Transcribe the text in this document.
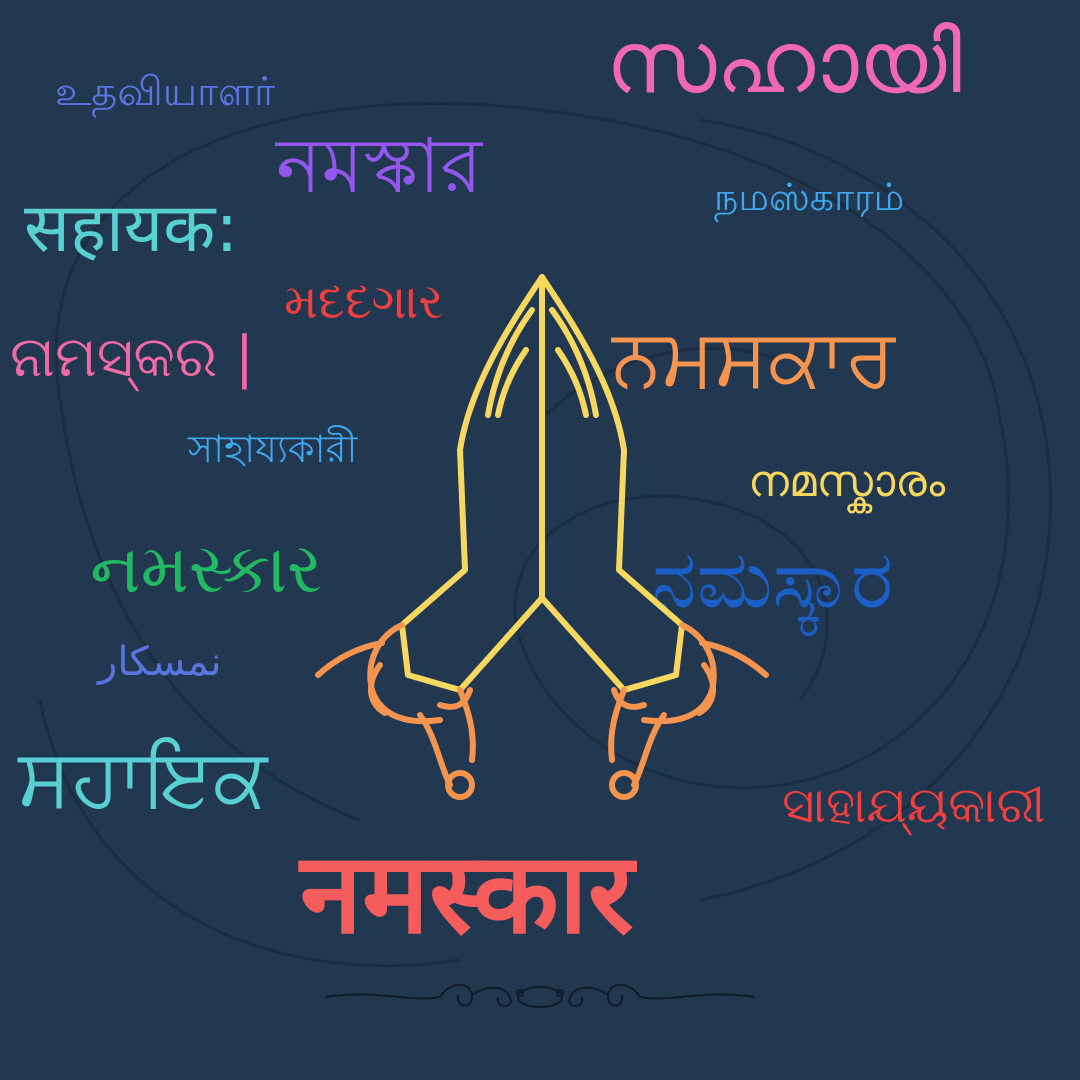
உதவியாளர்	സഹായി
নমস্কার	நமஸ்காரம்
सहायक:
મદદગાર
ନାମସ୍କର |	ਨਮਸਕਾਰ
সাহায্যকারী
നമസ്കാരം
નમસ્કાર	ನಮಸ್ಕಾರ
نمسکار
ਸਹਾਇਕ	ସାହାଯ୍ୟକାରୀ
नमस्कार
